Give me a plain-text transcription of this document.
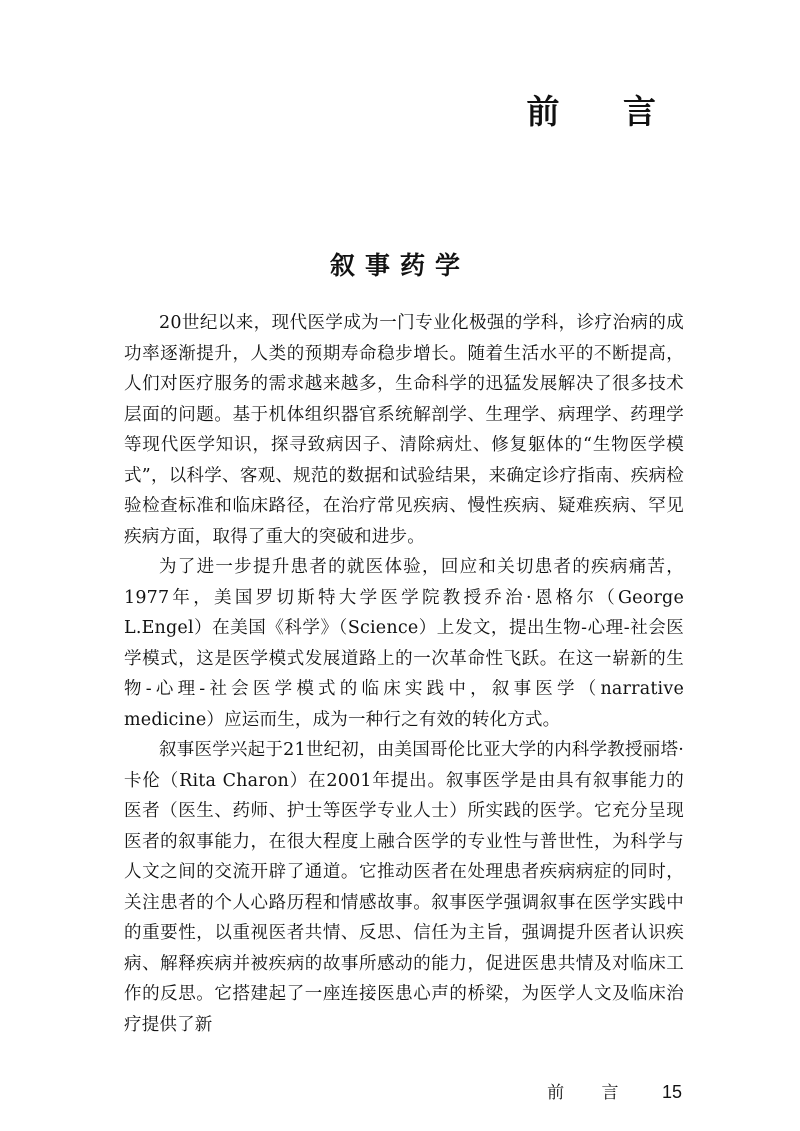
前 言
叙事药学

20世纪以来，现代医学成为一门专业化极强的学科，诊疗治病的成功率逐渐提升，人类的预期寿命稳步增长。随着生活水平的不断提高，人们对医疗服务的需求越来越多，生命科学的迅猛发展解决了很多技术层面的问题。基于机体组织器官系统解剖学、生理学、病理学、药理学等现代医学知识，探寻致病因子、清除病灶、修复躯体的“生物医学模式”，以科学、客观、规范的数据和试验结果，来确定诊疗指南、疾病检验检查标准和临床路径，在治疗常见疾病、慢性疾病、疑难疾病、罕见疾病方面，取得了重大的突破和进步。

为了进一步提升患者的就医体验，回应和关切患者的疾病痛苦，1977年，美国罗切斯特大学医学院教授乔治·恩格尔（George L.Engel）在美国《科学》（Science）上发文，提出生物-心理-社会医学模式，这是医学模式发展道路上的一次革命性飞跃。在这一崭新的生物-心理-社会医学模式的临床实践中，叙事医学（narrative medicine）应运而生，成为一种行之有效的转化方式。

叙事医学兴起于21世纪初，由美国哥伦比亚大学的内科学教授丽塔·卡伦（Rita Charon）在2001年提出。叙事医学是由具有叙事能力的医者（医生、药师、护士等医学专业人士）所实践的医学。它充分呈现医者的叙事能力，在很大程度上融合医学的专业性与普世性，为科学与人文之间的交流开辟了通道。它推动医者在处理患者疾病病症的同时，关注患者的个人心路历程和情感故事。叙事医学强调叙事在医学实践中的重要性，以重视医者共情、反思、信任为主旨，强调提升医者认识疾病、解释疾病并被疾病的故事所感动的能力，促进医患共情及对临床工作的反思。它搭建起了一座连接医患心声的桥梁，为医学人文及临床治疗提供了新

前 言 15
